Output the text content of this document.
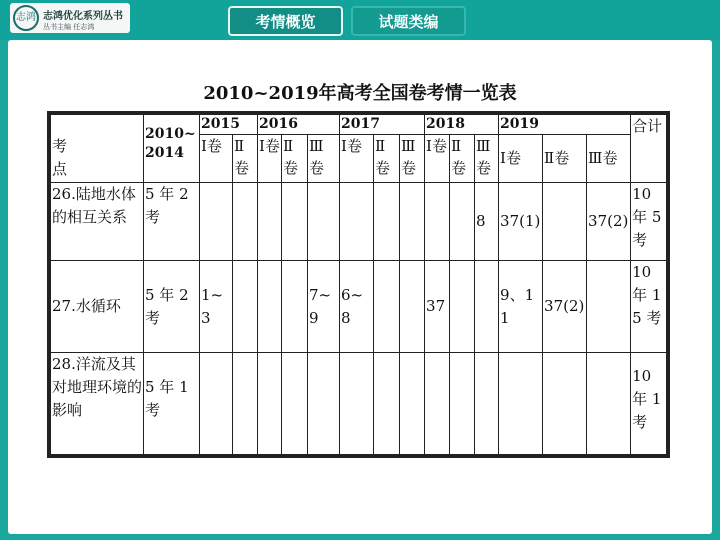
志鸿 志鸿优化系列丛书
丛书主编 任志鸿	考情概览	试题类编
2010~2019年高考全国卷考情一览表
考　点	2010~2014	2015		2016			2017			2018			2019			合计

		Ⅰ卷	Ⅱ卷	Ⅰ卷	Ⅱ卷	Ⅲ卷	Ⅰ卷	Ⅱ卷	Ⅲ卷	Ⅰ卷	Ⅱ卷	Ⅲ卷	Ⅰ卷	Ⅱ卷	Ⅲ卷	
26.陆地水体的相互关系	5 年 2 考											8	37(1)		37(2)	10 年 5 考
27.水循环	5 年 2 考	1~3				7~9	6~8			37			9、11	37(2)		10 年 15 考
28.洋流及其对地理环境的影响	5 年 1 考															10 年 1 考
